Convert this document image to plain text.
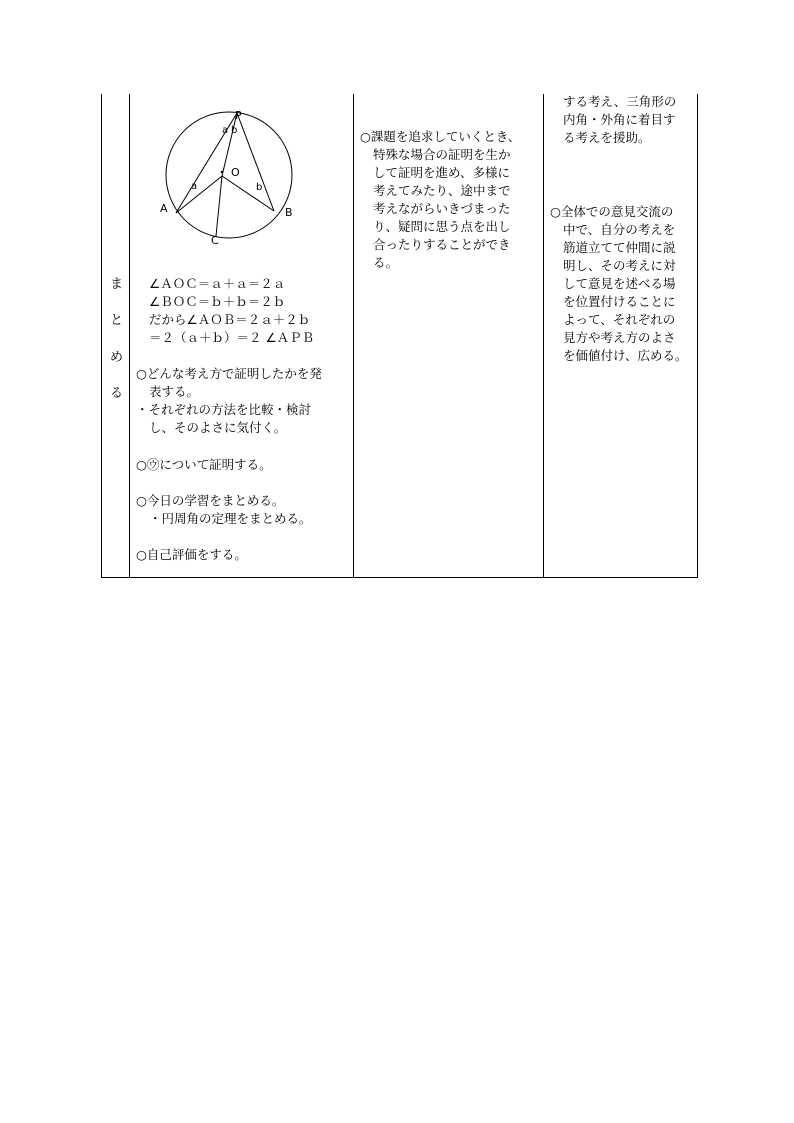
ま
と
め
る
P
a b
O
a	b
A	B
C
∠ＡＯＣ＝ａ＋ａ＝２ａ
∠ＢＯＣ＝ｂ＋ｂ＝２ｂ
だから∠ＡＯＢ＝２ａ＋２ｂ
＝２（ａ＋ｂ）＝２ ∠ＡＰＢ
○どんな考え方で証明したかを発
表する。
・それぞれの方法を比較・検討
し、そのよさに気付く。
○㋒について証明する。
○今日の学習をまとめる。
・円周角の定理をまとめる。
○自己評価をする。
○課題を追求していくとき、
特殊な場合の証明を生か
して証明を進め、多様に
考えてみたり、途中まで
考えながらいきづまった
り、疑問に思う点を出し
合ったりすることができ
る。
する考え、三角形の
内角・外角に着目す
る考えを援助。
○全体での意見交流の
中で、自分の考えを
筋道立てて仲間に説
明し、その考えに対
して意見を述べる場
を位置付けることに
よって、それぞれの
見方や考え方のよさ
を価値付け、広める。
